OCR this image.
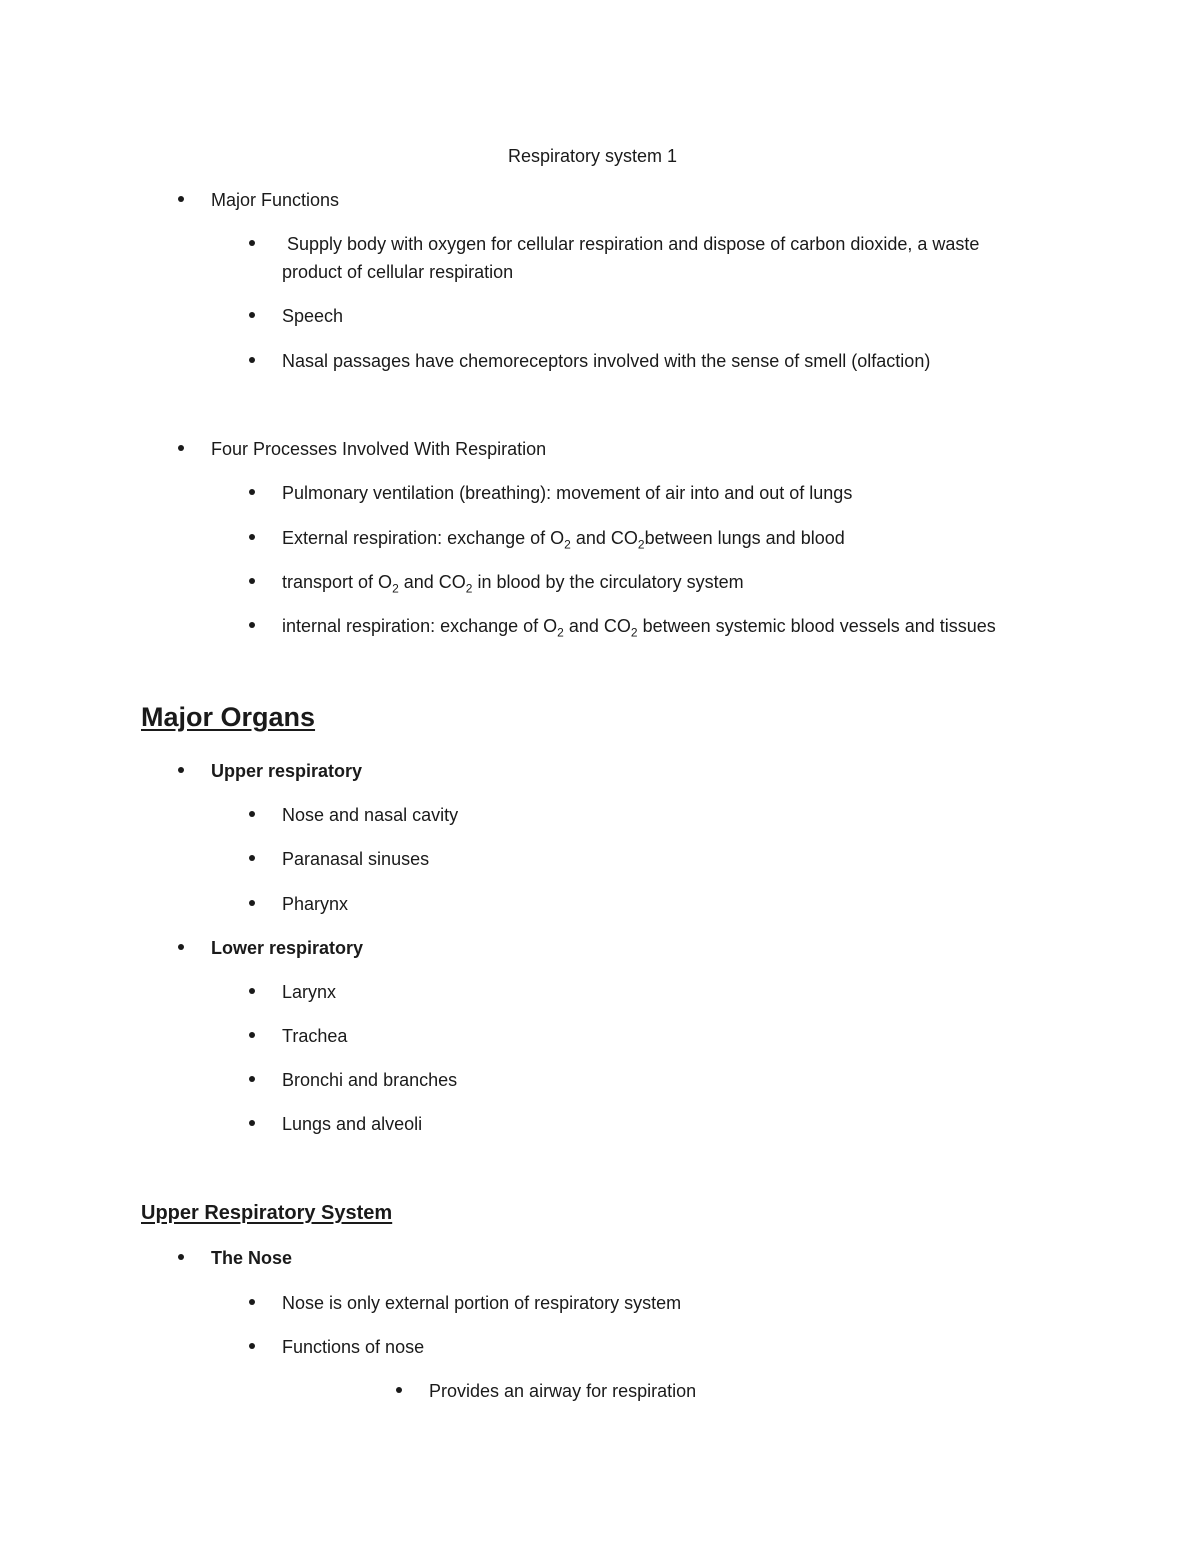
Respiratory system 1
Major Functions
Supply body with oxygen for cellular respiration and dispose of carbon dioxide, a waste
product of cellular respiration
Speech
Nasal passages have chemoreceptors involved with the sense of smell (olfaction)
Four Processes Involved With Respiration
Pulmonary ventilation (breathing): movement of air into and out of lungs
External respiration: exchange of $O_2$ and $CO_2between$ lungs and blood
transport of $O_2$ and $CO_2$ in blood by the circulatory system
internal respiration: exchange of $O_2$ and $CO_2$ between systemic blood vessels and tissues
Major Organs
Upper respiratory
Nose and nasal cavity
Paranasal sinuses
Pharynx
Lower respiratory
Larynx
Trachea
Bronchi and branches
Lungs and alveoli
Upper Respiratory System
The Nose
Nose is only external portion of respiratory system
Functions of nose
Provides an airway for respiration
